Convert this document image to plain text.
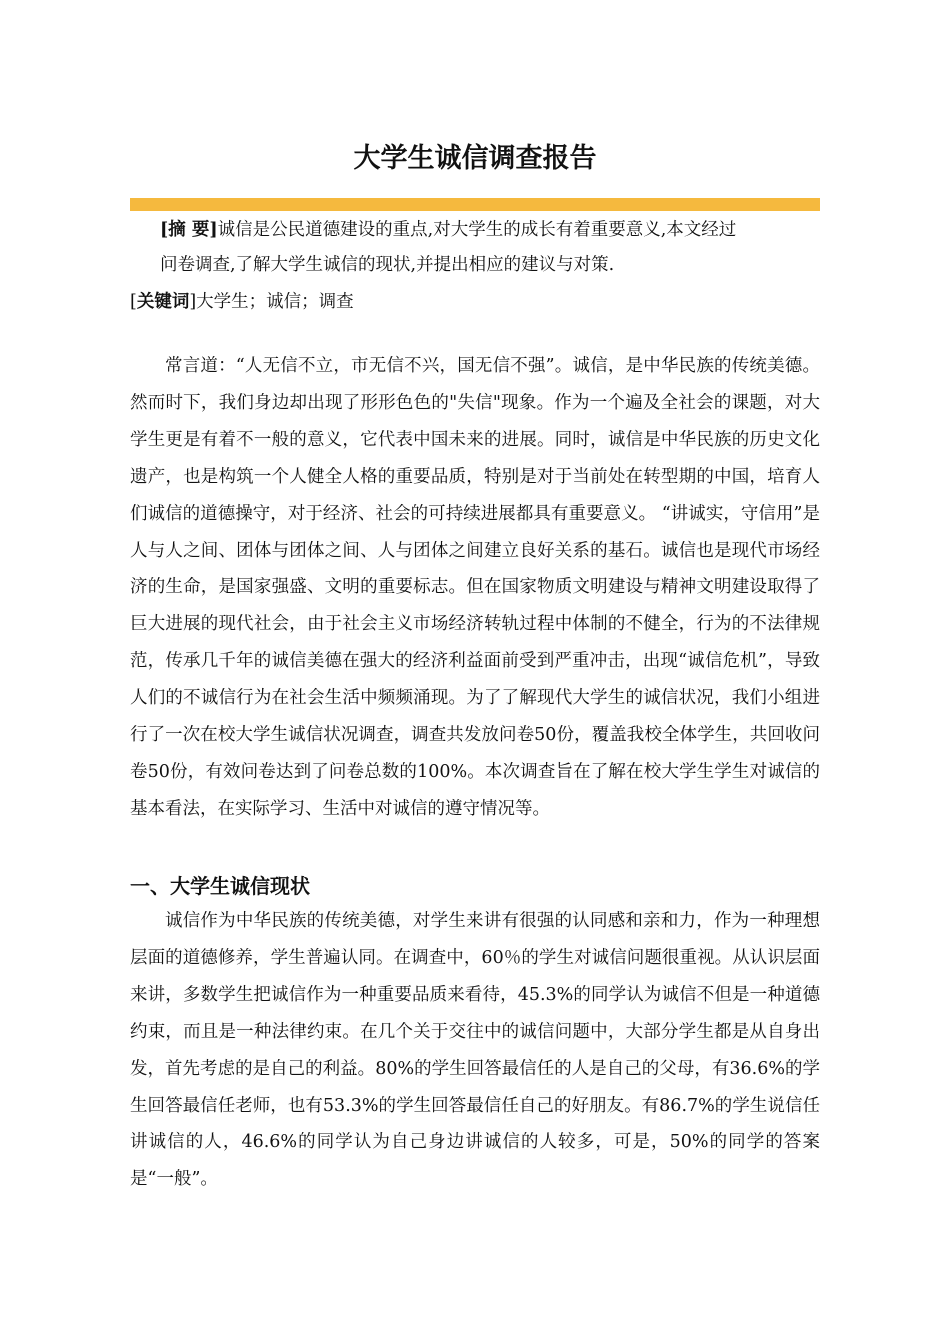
大学生诚信调查报告
[摘 要]诚信是公民道德建设的重点,对大学生的成长有着重要意义,本文经过
问卷调查,了解大学生诚信的现状,并提出相应的建议与对策.
[关键词]大学生；诚信；调查
常言道：“人无信不立，市无信不兴，国无信不强”。诚信，是中华民族的传统美德。然而时下，我们身边却出现了形形色色的"失信"现象。作为一个遍及全社会的课题，对大学生更是有着不一般的意义，它代表中国未来的进展。同时，诚信是中华民族的历史文化遗产，也是构筑一个人健全人格的重要品质，特别是对于当前处在转型期的中国，培育人们诚信的道德操守，对于经济、社会的可持续进展都具有重要意义。 “讲诚实，守信用”是人与人之间、团体与团体之间、人与团体之间建立良好关系的基石。诚信也是现代市场经济的生命，是国家强盛、文明的重要标志。但在国家物质文明建设与精神文明建设取得了巨大进展的现代社会，由于社会主义市场经济转轨过程中体制的不健全，行为的不法律规范，传承几千年的诚信美德在强大的经济利益面前受到严重冲击，出现“诚信危机”，导致人们的不诚信行为在社会生活中频频涌现。为了了解现代大学生的诚信状况，我们小组进行了一次在校大学生诚信状况调查，调查共发放问卷50份，覆盖我校全体学生，共回收问卷50份，有效问卷达到了问卷总数的100%。本次调查旨在了解在校大学生学生对诚信的基本看法，在实际学习、生活中对诚信的遵守情况等。
一、大学生诚信现状
诚信作为中华民族的传统美德，对学生来讲有很强的认同感和亲和力，作为一种理想层面的道德修养，学生普遍认同。在调查中，60％的学生对诚信问题很重视。从认识层面来讲，多数学生把诚信作为一种重要品质来看待，45.3%的同学认为诚信不但是一种道德约束，而且是一种法律约束。在几个关于交往中的诚信问题中，大部分学生都是从自身出发，首先考虑的是自己的利益。80%的学生回答最信任的人是自己的父母，有36.6%的学生回答最信任老师，也有53.3%的学生回答最信任自己的好朋友。有86.7%的学生说信任讲诚信的人，46.6%的同学认为自己身边讲诚信的人较多，可是，50%的同学的答案是“一般”。
